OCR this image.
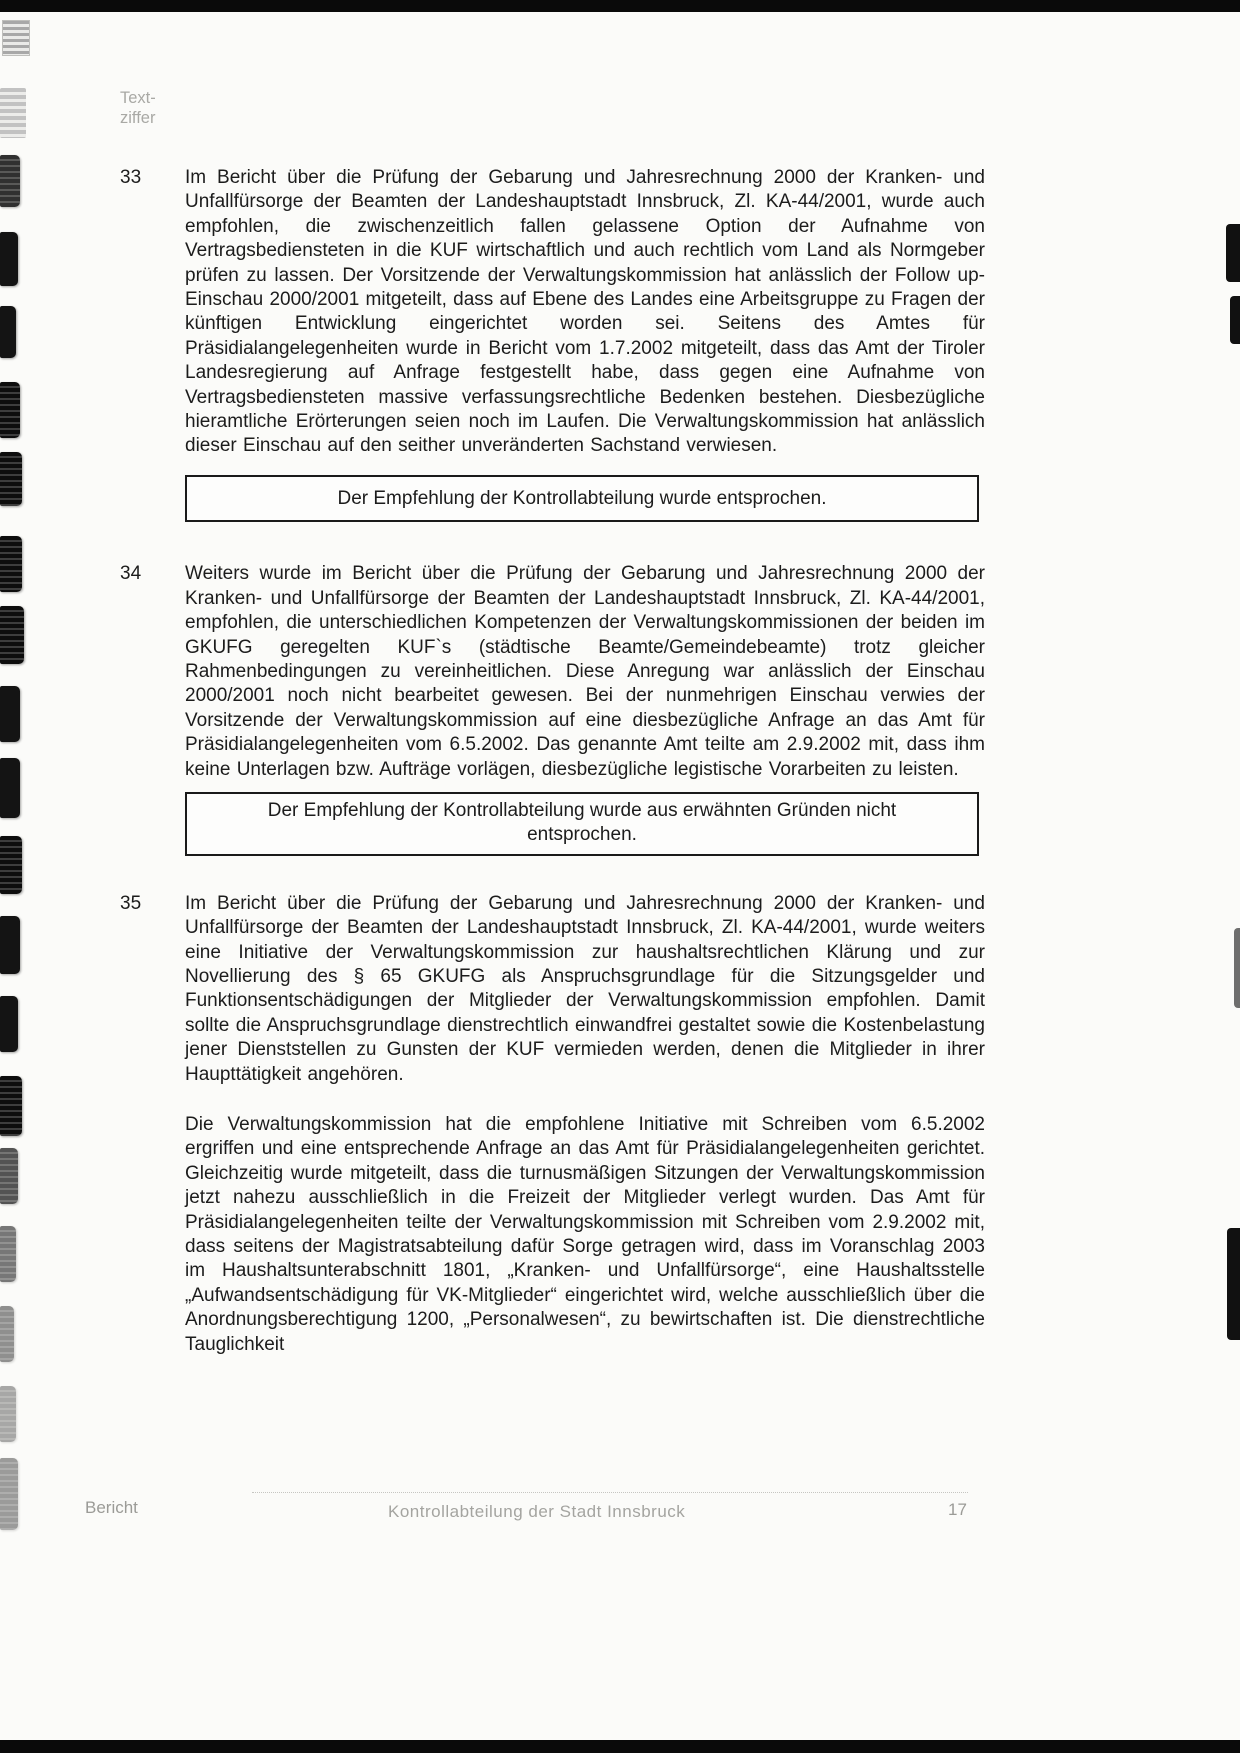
Text-
ziffer
33	Im Bericht über die Prüfung der Gebarung und Jahresrechnung 2000 der Kranken- und Unfallfürsorge der Beamten der Landeshauptstadt Innsbruck, Zl. KA-44/2001, wurde auch empfohlen, die zwischenzeitlich fallen gelassene Option der Aufnahme von Vertragsbediensteten in die KUF wirtschaftlich und auch rechtlich vom Land als Normgeber prüfen zu lassen. Der Vorsitzende der Verwaltungskommission hat anlässlich der Follow up-Einschau 2000/2001 mitgeteilt, dass auf Ebene des Landes eine Arbeitsgruppe zu Fragen der künftigen Entwicklung eingerichtet worden sei. Seitens des Amtes für Präsidialangelegenheiten wurde in Bericht vom 1.7.2002 mitgeteilt, dass das Amt der Tiroler Landesregierung auf Anfrage festgestellt habe, dass gegen eine Aufnahme von Vertragsbediensteten massive verfassungsrechtliche Bedenken bestehen. Diesbezügliche hieramtliche Erörterungen seien noch im Laufen. Die Verwaltungskommission hat anlässlich dieser Einschau auf den seither unveränderten Sachstand verwiesen.

Der Empfehlung der Kontrollabteilung wurde entsprochen.
34	Weiters wurde im Bericht über die Prüfung der Gebarung und Jahresrechnung 2000 der Kranken- und Unfallfürsorge der Beamten der Landeshauptstadt Innsbruck, Zl. KA-44/2001, empfohlen, die unterschiedlichen Kompetenzen der Verwaltungskommissionen der beiden im GKUFG geregelten KUF`s (städtische Beamte/Gemeindebeamte) trotz gleicher Rahmenbedingungen zu vereinheitlichen. Diese Anregung war anlässlich der Einschau 2000/2001 noch nicht bearbeitet gewesen. Bei der nunmehrigen Einschau verwies der Vorsitzende der Verwaltungskommission auf eine diesbezügliche Anfrage an das Amt für Präsidialangelegenheiten vom 6.5.2002. Das genannte Amt teilte am 2.9.2002 mit, dass ihm keine Unterlagen bzw. Aufträge vorlägen, diesbezügliche legistische Vorarbeiten zu leisten.

Der Empfehlung der Kontrollabteilung wurde aus erwähnten Gründen nicht entsprochen.
35	Im Bericht über die Prüfung der Gebarung und Jahresrechnung 2000 der Kranken- und Unfallfürsorge der Beamten der Landeshauptstadt Innsbruck, Zl. KA-44/2001, wurde weiters eine Initiative der Verwaltungskommission zur haushaltsrechtlichen Klärung und zur Novellierung des § 65 GKUFG als Anspruchsgrundlage für die Sitzungsgelder und Funktionsentschädigungen der Mitglieder der Verwaltungskommission empfohlen. Damit sollte die Anspruchsgrundlage dienstrechtlich einwandfrei gestaltet sowie die Kostenbelastung jener Dienststellen zu Gunsten der KUF vermieden werden, denen die Mitglieder in ihrer Haupttätigkeit angehören.

Die Verwaltungskommission hat die empfohlene Initiative mit Schreiben vom 6.5.2002 ergriffen und eine entsprechende Anfrage an das Amt für Präsidialangelegenheiten gerichtet. Gleichzeitig wurde mitgeteilt, dass die turnusmäßigen Sitzungen der Verwaltungskommission jetzt nahezu ausschließlich in die Freizeit der Mitglieder verlegt wurden. Das Amt für Präsidialangelegenheiten teilte der Verwaltungskommission mit Schreiben vom 2.9.2002 mit, dass seitens der Magistratsabteilung dafür Sorge getragen wird, dass im Voranschlag 2003 im Haushaltsunterabschnitt 1801, „Kranken- und Unfallfürsorge“, eine Haushaltsstelle „Aufwandsentschädigung für VK-Mitglieder“ eingerichtet wird, welche ausschließlich über die Anordnungsberechtigung 1200, „Personalwesen“, zu bewirtschaften ist. Die dienstrechtliche Tauglichkeit

Bericht	Kontrollabteilung der Stadt Innsbruck	17
